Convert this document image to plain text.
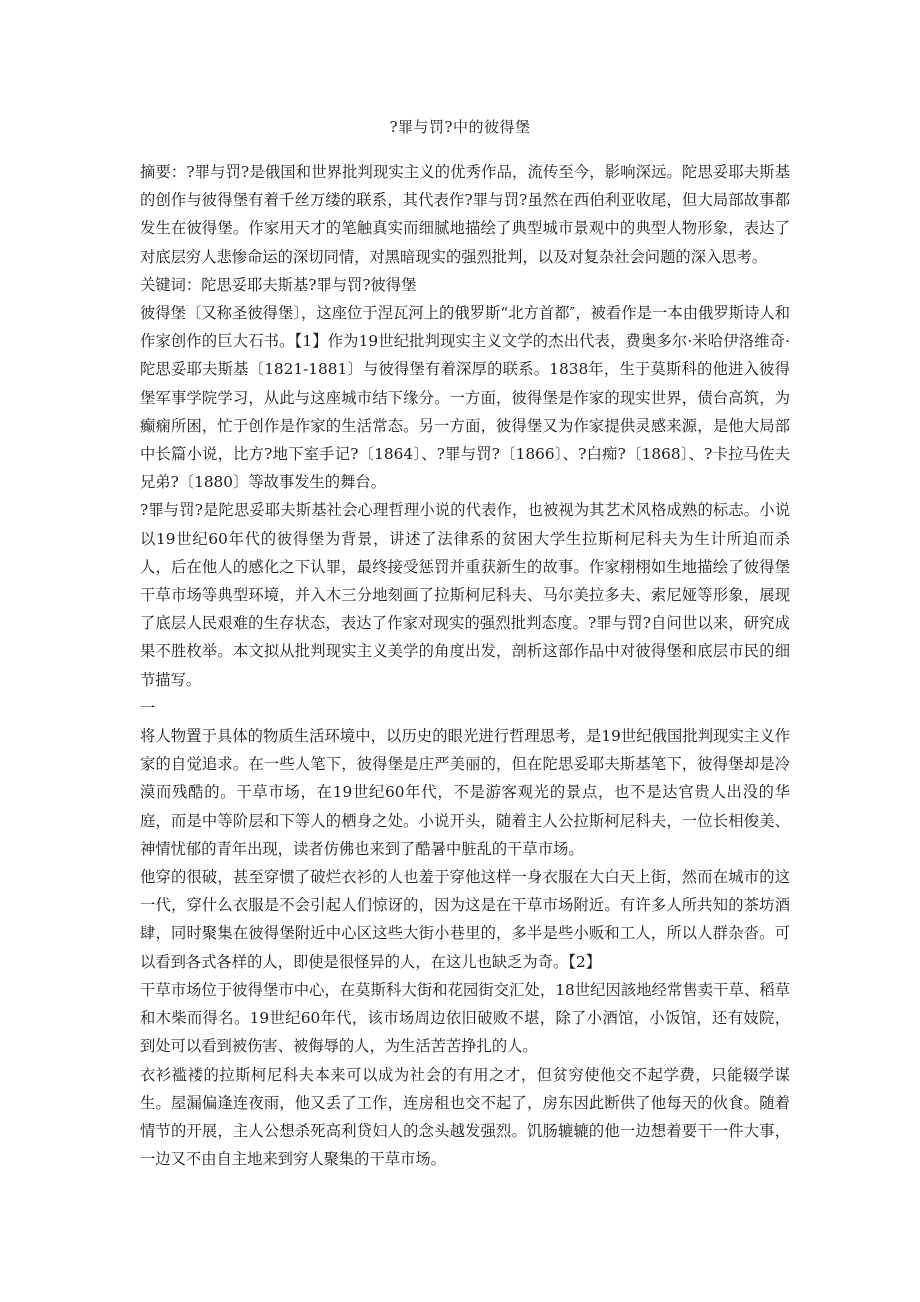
?罪与罚?中的彼得堡

摘要：?罪与罚?是俄国和世界批判现实主义的优秀作品，流传至今，影响深远。陀思妥耶夫斯基的创作与彼得堡有着千丝万缕的联系，其代表作?罪与罚?虽然在西伯利亚收尾，但大局部故事都发生在彼得堡。作家用天才的笔触真实而细腻地描绘了典型城市景观中的典型人物形象，表达了对底层穷人悲惨命运的深切同情，对黑暗现实的强烈批判，以及对复杂社会问题的深入思考。

关键词：陀思妥耶夫斯基?罪与罚?彼得堡

彼得堡〔又称圣彼得堡〕，这座位于涅瓦河上的俄罗斯“北方首都″，被看作是一本由俄罗斯诗人和作家创作的巨大石书。【1】作为19世纪批判现实主义文学的杰出代表，费奥多尔·米哈伊洛维奇·陀思妥耶夫斯基〔1821-1881〕与彼得堡有着深厚的联系。1838年，生于莫斯科的他进入彼得堡军事学院学习，从此与这座城市结下缘分。一方面，彼得堡是作家的现实世界，债台高筑，为癫痫所困，忙于创作是作家的生活常态。另一方面，彼得堡又为作家提供灵感来源，是他大局部中长篇小说，比方?地下室手记?〔1864〕、?罪与罚?〔1866〕、?白痴?〔1868〕、?卡拉马佐夫兄弟?〔1880〕等故事发生的舞台。

?罪与罚?是陀思妥耶夫斯基社会心理哲理小说的代表作，也被视为其艺术风格成熟的标志。小说以19世纪60年代的彼得堡为背景，讲述了法律系的贫困大学生拉斯柯尼科夫为生计所迫而杀人，后在他人的感化之下认罪，最终接受惩罚并重获新生的故事。作家栩栩如生地描绘了彼得堡干草市场等典型环境，并入木三分地刻画了拉斯柯尼科夫、马尔美拉多夫、索尼娅等形象，展现了底层人民艰难的生存状态，表达了作家对现实的强烈批判态度。?罪与罚?自问世以来，研究成果不胜枚举。本文拟从批判现实主义美学的角度出发，剖析这部作品中对彼得堡和底层市民的细节描写。

一

将人物置于具体的物质生活环境中，以历史的眼光进行哲理思考，是19世纪俄国批判现实主义作家的自觉追求。在一些人笔下，彼得堡是庄严美丽的，但在陀思妥耶夫斯基笔下，彼得堡却是冷漠而残酷的。干草市场，在19世纪60年代，不是游客观光的景点，也不是达官贵人出没的华庭，而是中等阶层和下等人的栖身之处。小说开头，随着主人公拉斯柯尼科夫，一位长相俊美、神情忧郁的青年出现，读者仿佛也来到了酷暑中脏乱的干草市场。

他穿的很破，甚至穿惯了破烂衣衫的人也羞于穿他这样一身衣服在大白天上街，然而在城市的这一代，穿什么衣服是不会引起人们惊讶的，因为这是在干草市场附近。有许多人所共知的茶坊酒肆，同时聚集在彼得堡附近中心区这些大街小巷里的，多半是些小贩和工人，所以人群杂沓。可以看到各式各样的人，即使是很怪异的人，在这儿也缺乏为奇。【2】

干草市场位于彼得堡市中心，在莫斯科大街和花园街交汇处，18世纪因該地经常售卖干草、稻草和木柴而得名。19世纪60年代，该市场周边依旧破败不堪，除了小酒馆，小饭馆，还有妓院，到处可以看到被伤害、被侮辱的人，为生活苦苦挣扎的人。

衣衫褴褛的拉斯柯尼科夫本来可以成为社会的有用之才，但贫穷使他交不起学费，只能辍学谋生。屋漏偏逢连夜雨，他又丢了工作，连房租也交不起了，房东因此断供了他每天的伙食。随着情节的开展，主人公想杀死高利贷妇人的念头越发强烈。饥肠辘辘的他一边想着要干一件大事，一边又不由自主地来到穷人聚集的干草市场。
